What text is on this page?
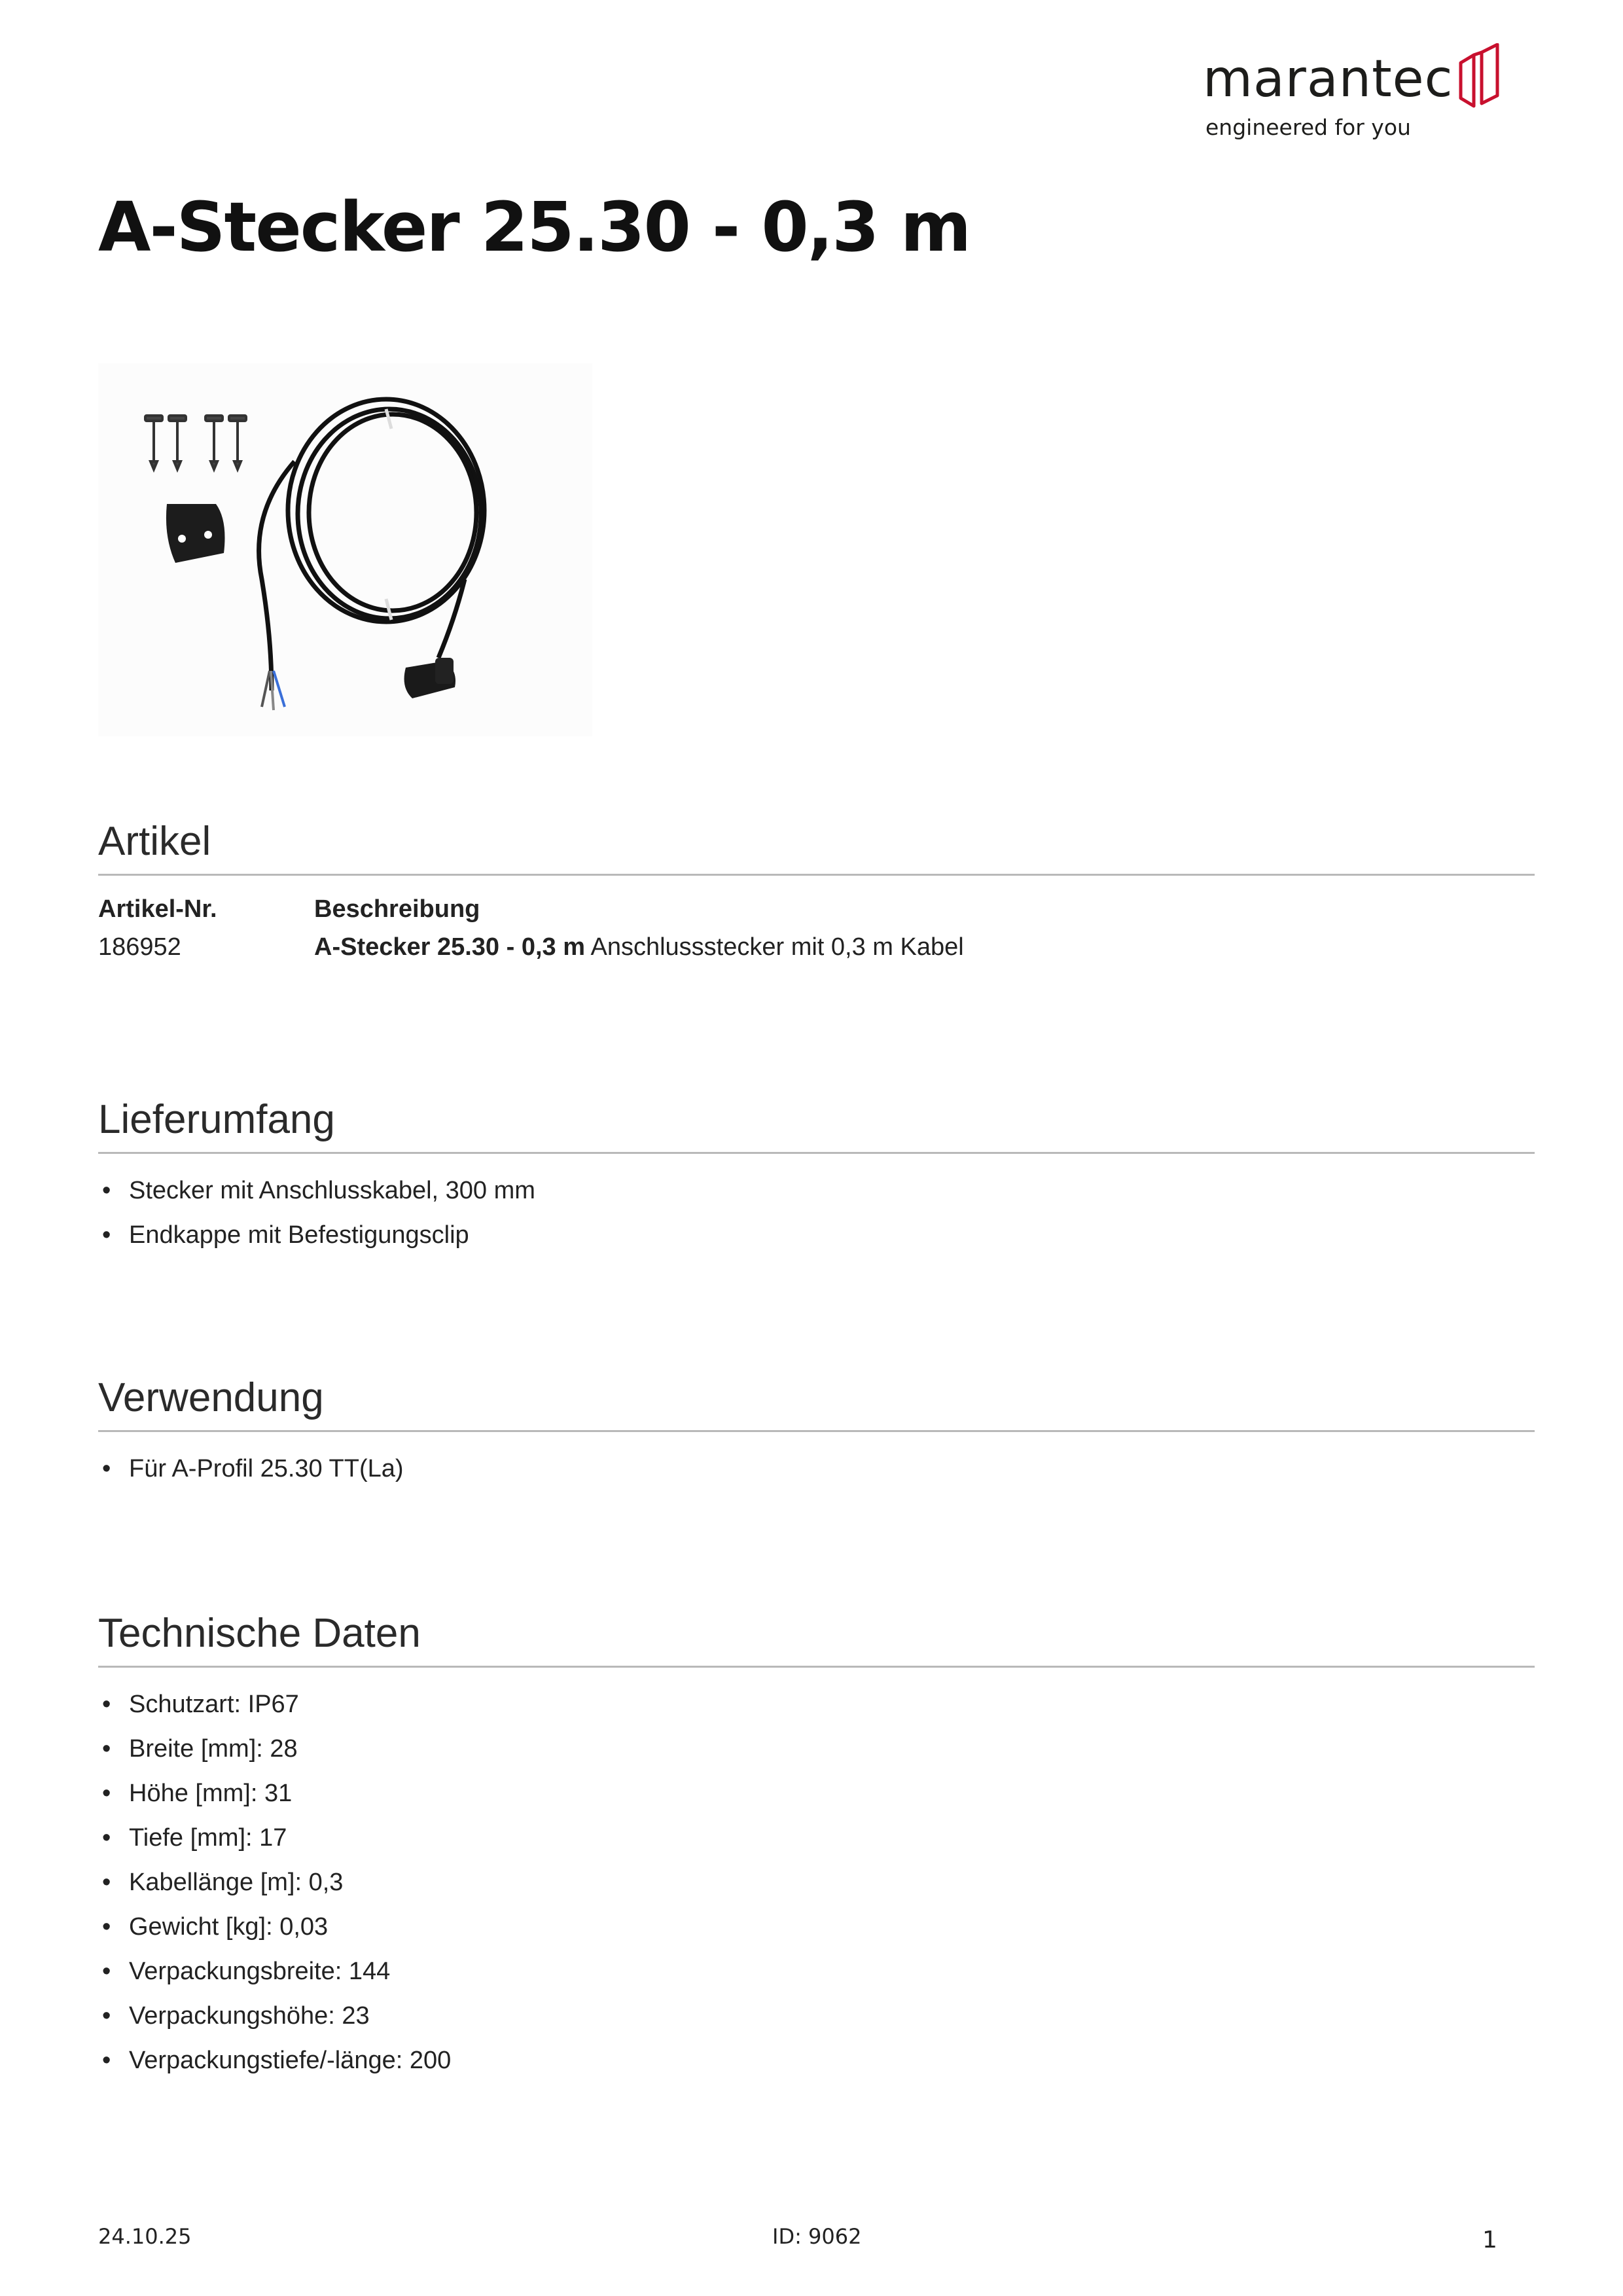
marantec
engineered for you
A-Stecker 25.30 - 0,3 m
Artikel
Artikel-Nr.	Beschreibung
186952	A-Stecker 25.30 - 0,3 m Anschlussstecker mit 0,3 m Kabel
Lieferumfang
• Stecker mit Anschlusskabel, 300 mm
• Endkappe mit Befestigungsclip
Verwendung
• Für A-Profil 25.30 TT(La)
Technische Daten
• Schutzart: IP67
• Breite [mm]: 28
• Höhe [mm]: 31
• Tiefe [mm]: 17
• Kabellänge [m]: 0,3
• Gewicht [kg]: 0,03
• Verpackungsbreite: 144
• Verpackungshöhe: 23
• Verpackungstiefe/-länge: 200
24.10.25	ID: 9062	1
